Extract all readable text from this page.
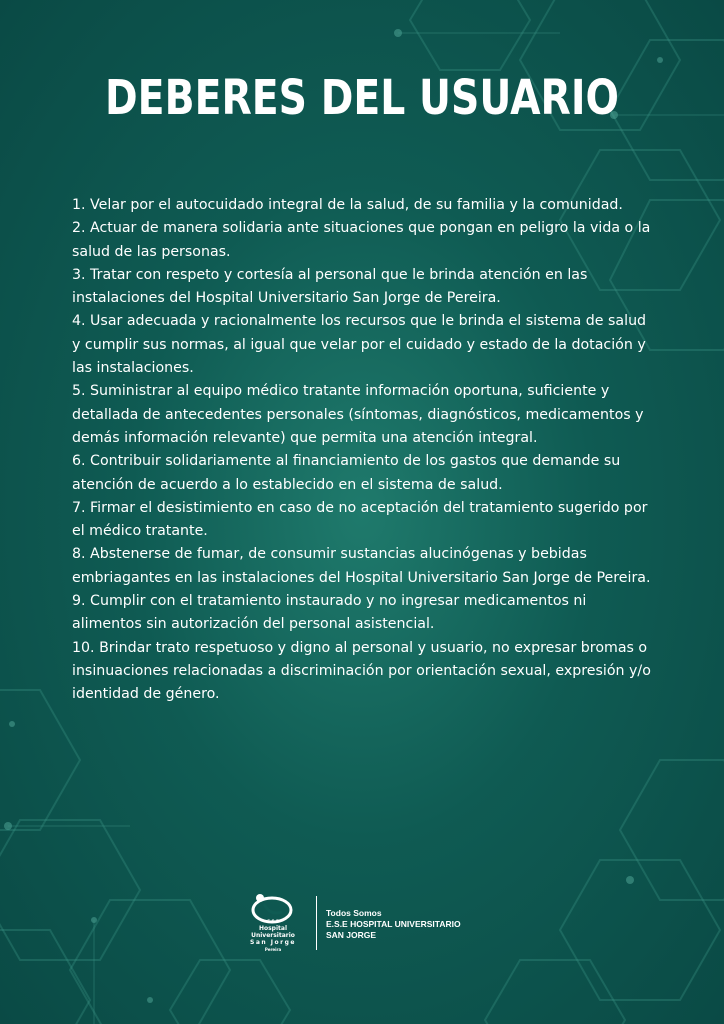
DEBERES DEL USUARIO
1. Velar por el autocuidado integral de la salud, de su familia y la comunidad.
2. Actuar de manera solidaria ante situaciones que pongan en peligro la vida o la salud de las personas.
3. Tratar con respeto y cortesía al personal que le brinda atención en las instalaciones del Hospital Universitario San Jorge de Pereira.
4. Usar adecuada y racionalmente los recursos que le brinda el sistema de salud y cumplir sus normas, al igual que velar por el cuidado y estado de la dotación y las instalaciones.
5. Suministrar al equipo médico tratante información oportuna, suficiente y detallada de antecedentes personales (síntomas, diagnósticos, medicamentos y demás información relevante) que permita una atención integral.
6. Contribuir solidariamente al financiamiento de los gastos que demande su atención de acuerdo a lo establecido en el sistema de salud.
7. Firmar el desistimiento en caso de no aceptación del tratamiento sugerido por el médico tratante.
8. Abstenerse de fumar, de consumir sustancias alucinógenas y bebidas embriagantes en las instalaciones del Hospital Universitario San Jorge de Pereira.
9. Cumplir con el tratamiento instaurado y no ingresar medicamentos ni alimentos sin autorización del personal asistencial.
10. Brindar trato respetuoso y digno al personal y usuario, no expresar bromas o insinuaciones relacionadas a discriminación por orientación sexual, expresión y/o identidad de género.
E.S.E
Hospital Universitario
San Jorge
Pereira
Todos Somos
E.S.E HOSPITAL UNIVERSITARIO
SAN JORGE
